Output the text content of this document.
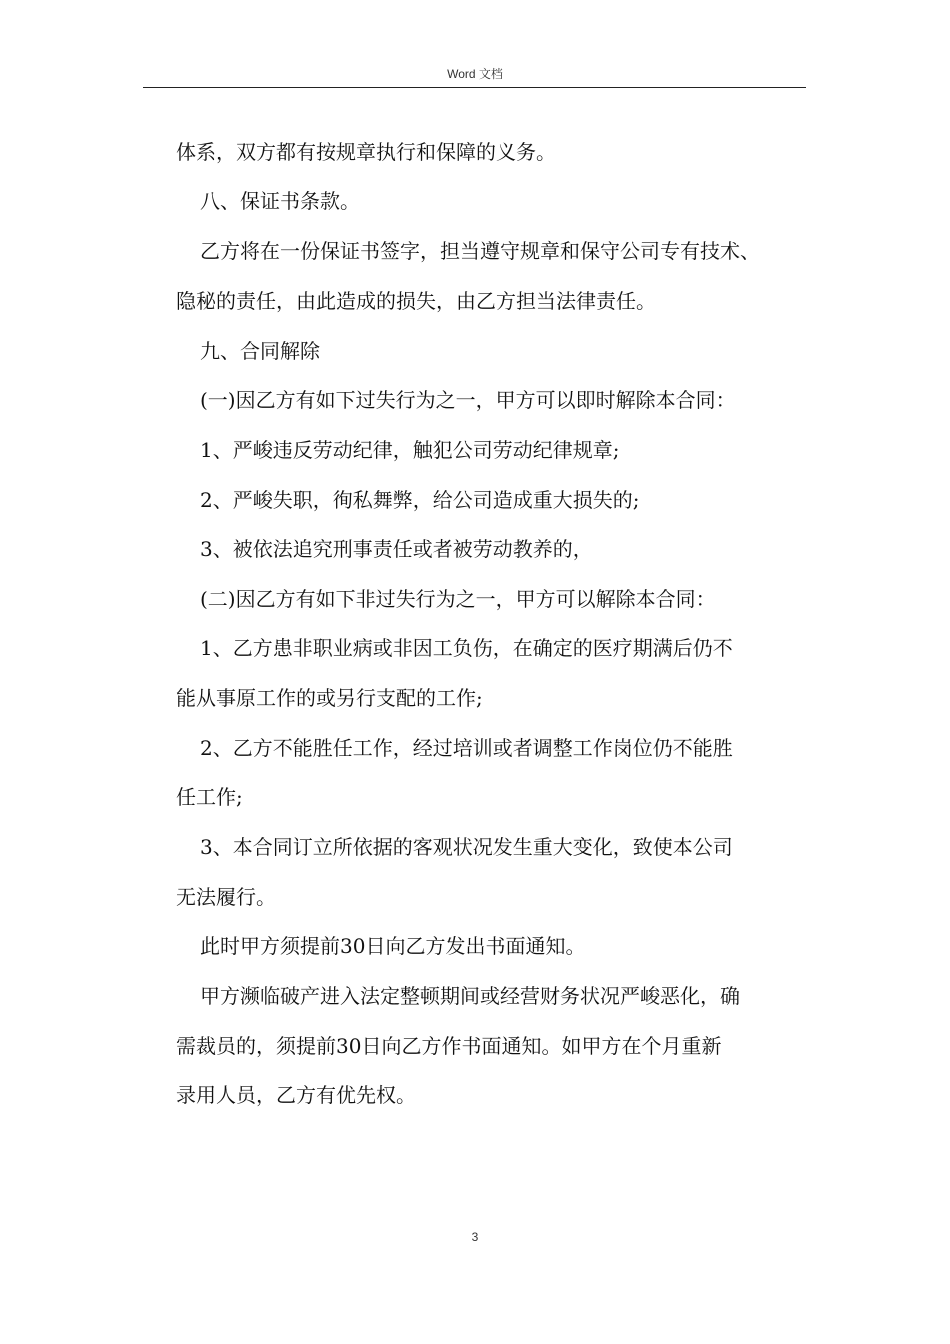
Word 文档
体系，双方都有按规章执行和保障的义务。
八、保证书条款。
乙方将在一份保证书签字，担当遵守规章和保守公司专有技术、
隐秘的责任，由此造成的损失，由乙方担当法律责任。
九、合同解除
(一)因乙方有如下过失行为之一，甲方可以即时解除本合同：
1、严峻违反劳动纪律，触犯公司劳动纪律规章;
2、严峻失职，徇私舞弊，给公司造成重大损失的;
3、被依法追究刑事责任或者被劳动教养的，
(二)因乙方有如下非过失行为之一，甲方可以解除本合同：
1、乙方患非职业病或非因工负伤，在确定的医疗期满后仍不
能从事原工作的或另行支配的工作;
2、乙方不能胜任工作，经过培训或者调整工作岗位仍不能胜
任工作;
3、本合同订立所依据的客观状况发生重大变化，致使本公司
无法履行。
此时甲方须提前30日向乙方发出书面通知。
甲方濒临破产进入法定整顿期间或经营财务状况严峻恶化，确
需裁员的，须提前30日向乙方作书面通知。如甲方在个月重新
录用人员，乙方有优先权。
3
